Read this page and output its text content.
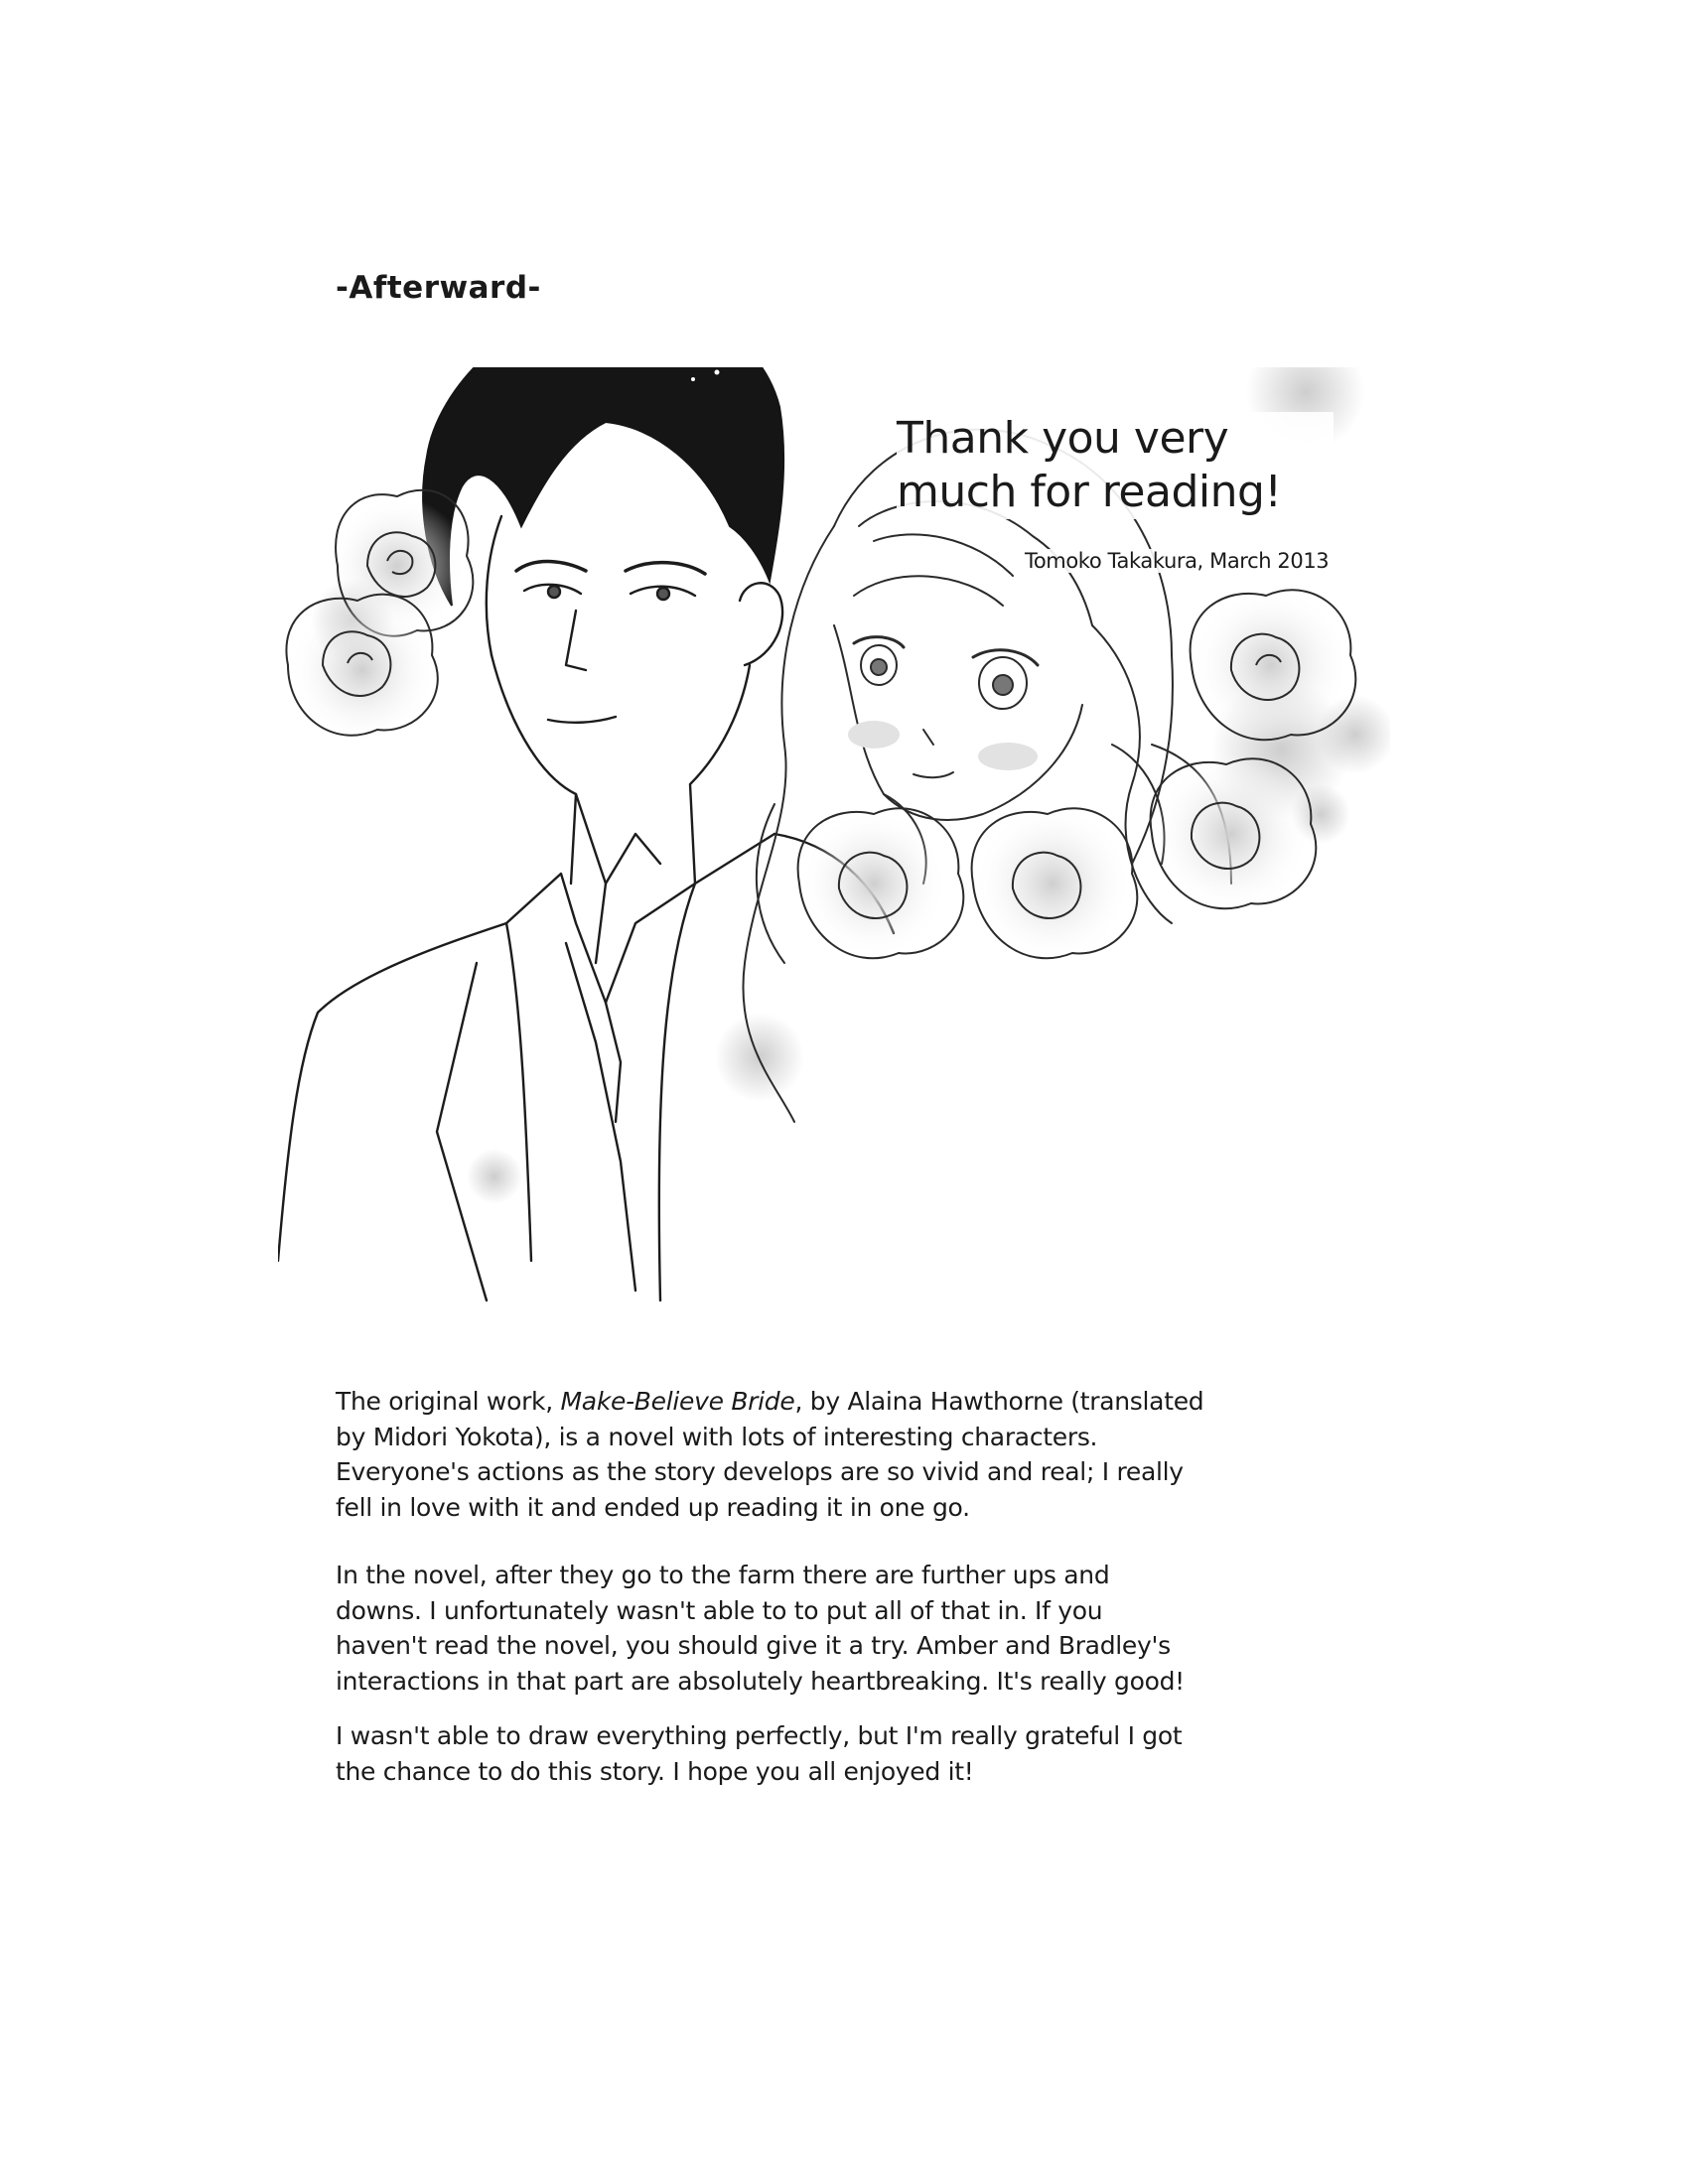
-Afterward-
Thank you very
much for reading!
Tomoko Takakura, March 2013

The original work, Make-Believe Bride, by Alaina Hawthorne (translated
by Midori Yokota), is a novel with lots of interesting characters.
Everyone's actions as the story develops are so vivid and real; I really
fell in love with it and ended up reading it in one go.

In the novel, after they go to the farm there are further ups and
downs. I unfortunately wasn't able to to put all of that in. If you
haven't read the novel, you should give it a try. Amber and Bradley's
interactions in that part are absolutely heartbreaking. It's really good!

I wasn't able to draw everything perfectly, but I'm really grateful I got
the chance to do this story. I hope you all enjoyed it!
